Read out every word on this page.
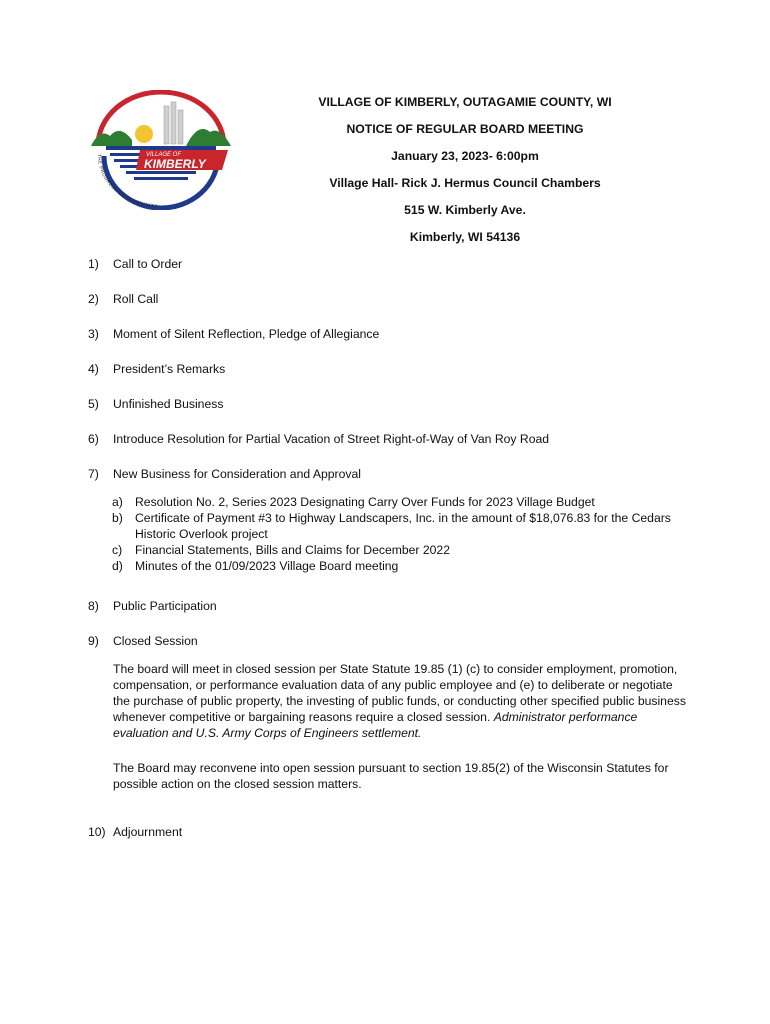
VILLAGE OF
KIMBERLY
THE PROGRESSIVE COMMUNITY
VILLAGE OF KIMBERLY, OUTAGAMIE COUNTY, WI
NOTICE OF REGULAR BOARD MEETING
January 23, 2023- 6:00pm
Village Hall- Rick J. Hermus Council Chambers
515 W. Kimberly Ave.
Kimberly, WI 54136
1)	Call to Order
2)	Roll Call
3)	Moment of Silent Reflection, Pledge of Allegiance
4)	President’s Remarks
5)	Unfinished Business
6)	Introduce Resolution for Partial Vacation of Street Right-of-Way of Van Roy Road
7)	New Business for Consideration and Approval
a) Resolution No. 2, Series 2023 Designating Carry Over Funds for 2023 Village Budget
b) Certificate of Payment #3 to Highway Landscapers, Inc. in the amount of $18,076.83 for the Cedars Historic Overlook project
c)	Financial Statements, Bills and Claims for December 2022
d) Minutes of the 01/09/2023 Village Board meeting
8)	Public Participation
9)	Closed Session

The board will meet in closed session per State Statute 19.85 (1) (c) to consider employment, promotion, compensation, or performance evaluation data of any public employee and (e) to deliberate or negotiate the purchase of public property, the investing of public funds, or conducting other specified public business whenever competitive or bargaining reasons require a closed session. Administrator performance evaluation and U.S. Army Corps of Engineers settlement.

The Board may reconvene into open session pursuant to section 19.85(2) of the Wisconsin Statutes for possible action on the closed session matters.

10) Adjournment
